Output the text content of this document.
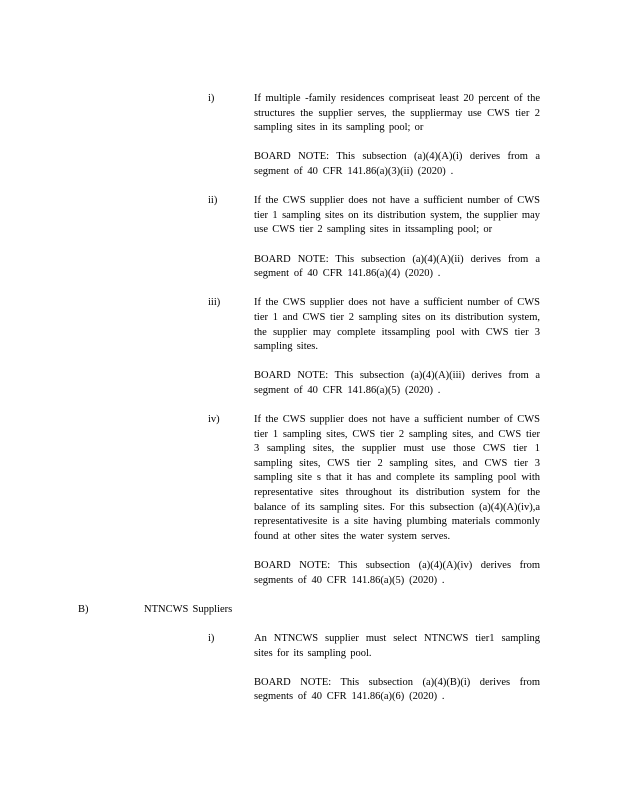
i)	If multiple -family residences compriseat least 20 percent of the structures the supplier serves, the suppliermay use CWS tier 2 sampling sites in its sampling pool; or
BOARD NOTE: This subsection (a)(4)(A)(i) derives from a segment of 40 CFR 141.86(a)(3)(ii) (2020) .
ii)	If the CWS supplier does not have a sufficient number of CWS tier 1 sampling sites on its distribution system, the supplier may use CWS tier 2 sampling sites in itssampling pool; or
BOARD NOTE: This subsection (a)(4)(A)(ii) derives from a segment of 40 CFR 141.86(a)(4) (2020) .
iii)	If the CWS supplier does not have a sufficient number of CWS tier 1 and CWS tier 2 sampling sites on its distribution system, the supplier may complete itssampling pool with CWS tier 3 sampling sites.
BOARD NOTE: This subsection (a)(4)(A)(iii) derives from a segment of 40 CFR 141.86(a)(5) (2020) .
iv)	If the CWS supplier does not have a sufficient number of CWS tier 1 sampling sites, CWS tier 2 sampling sites, and CWS tier 3 sampling sites, the supplier must use those CWS tier 1 sampling sites, CWS tier 2 sampling sites, and CWS tier 3 sampling site s that it has and complete its sampling pool with representative sites throughout its distribution system for the balance of its sampling sites. For this subsection (a)(4)(A)(iv),a representativesite is a site having plumbing materials commonly found at other sites the water system serves.
BOARD NOTE: This subsection (a)(4)(A)(iv) derives from segments of 40 CFR 141.86(a)(5) (2020) .
B)	NTNCWS Suppliers
i)	An NTNCWS supplier must select NTNCWS tier1 sampling sites for its sampling pool.
BOARD NOTE: This subsection (a)(4)(B)(i) derives from segments of 40 CFR 141.86(a)(6) (2020) .
